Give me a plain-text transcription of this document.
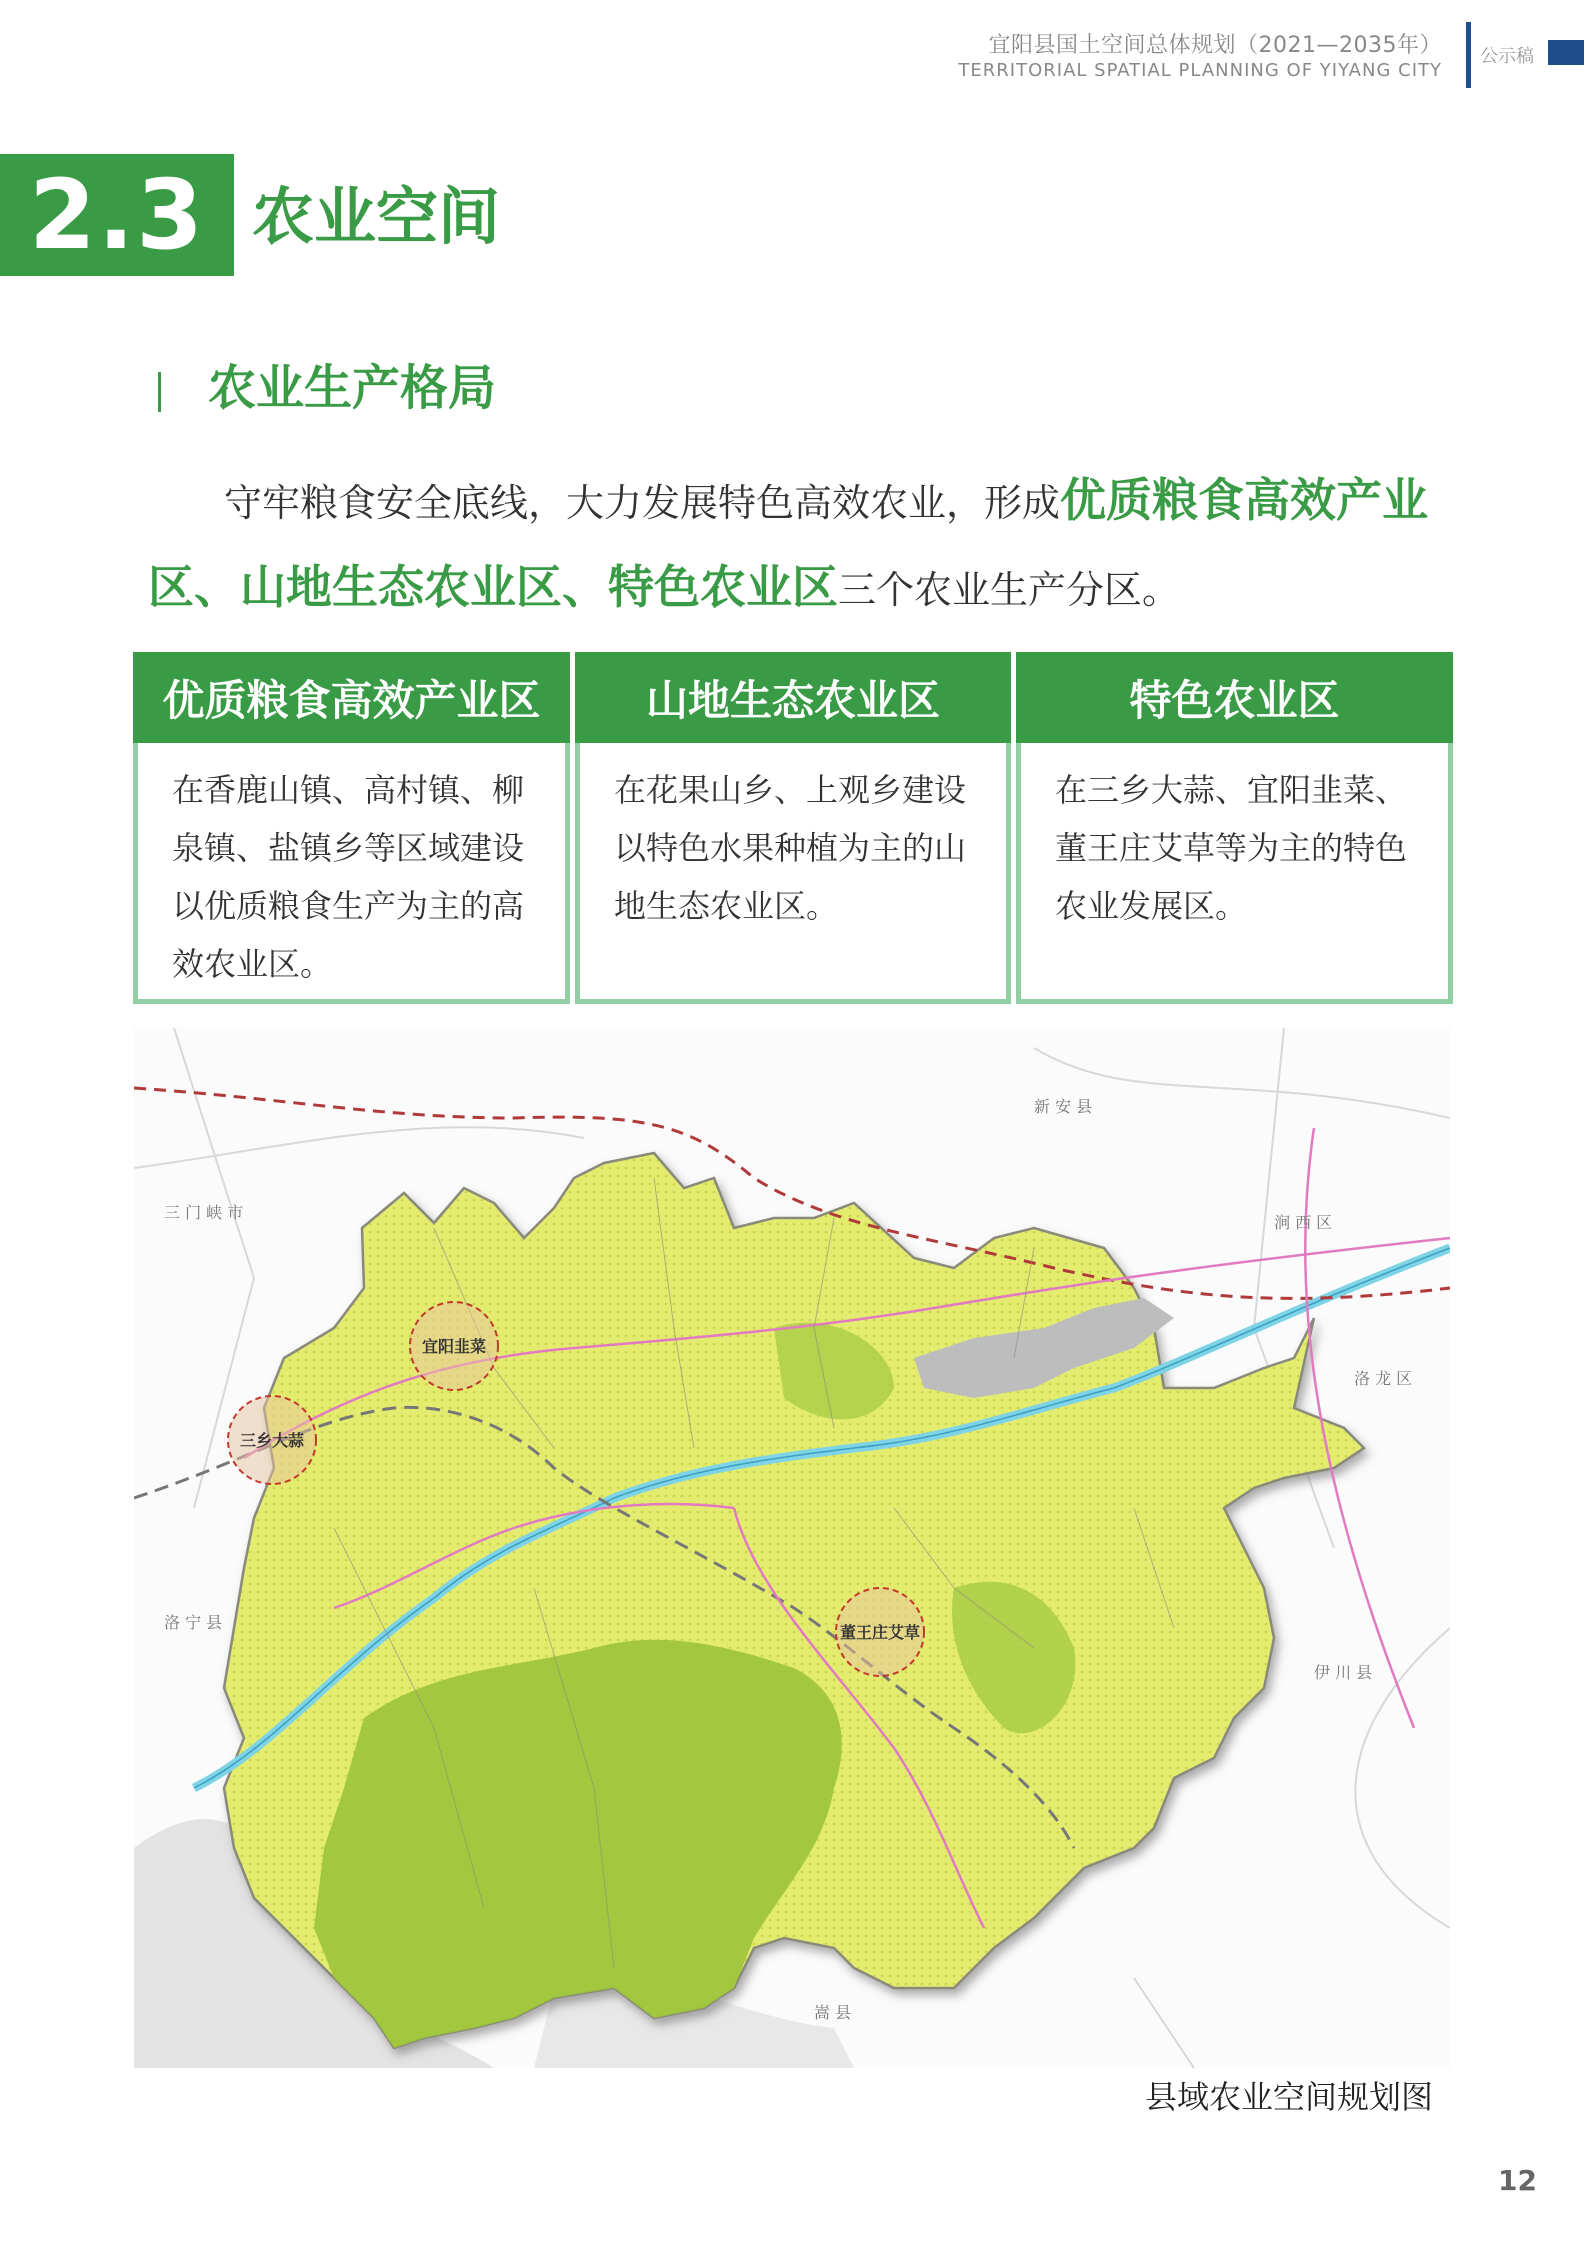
宜阳县国土空间总体规划（2021—2035年）
TERRITORIAL SPATIAL PLANNING OF YIYANG CITY
公示稿
2.3 农业空间
农业生产格局
守牢粮食安全底线，大力发展特色高效农业，形成优质粮食高效产业区、山地生态农业区、特色农业区三个农业生产分区。
优质粮食高效产业区
在香鹿山镇、高村镇、柳泉镇、盐镇乡等区域建设以优质粮食生产为主的高效农业区。
山地生态农业区
在花果山乡、上观乡建设以特色水果种植为主的山地生态农业区。
特色农业区
在三乡大蒜、宜阳韭菜、董王庄艾草等为主的特色农业发展区。
宜阳韭菜
三乡大蒜
董王庄艾草
新 安 县
三 门 峡 市
涧 西 区
洛 龙 区
洛 宁 县
伊 川 县
嵩 县
县域农业空间规划图
12
